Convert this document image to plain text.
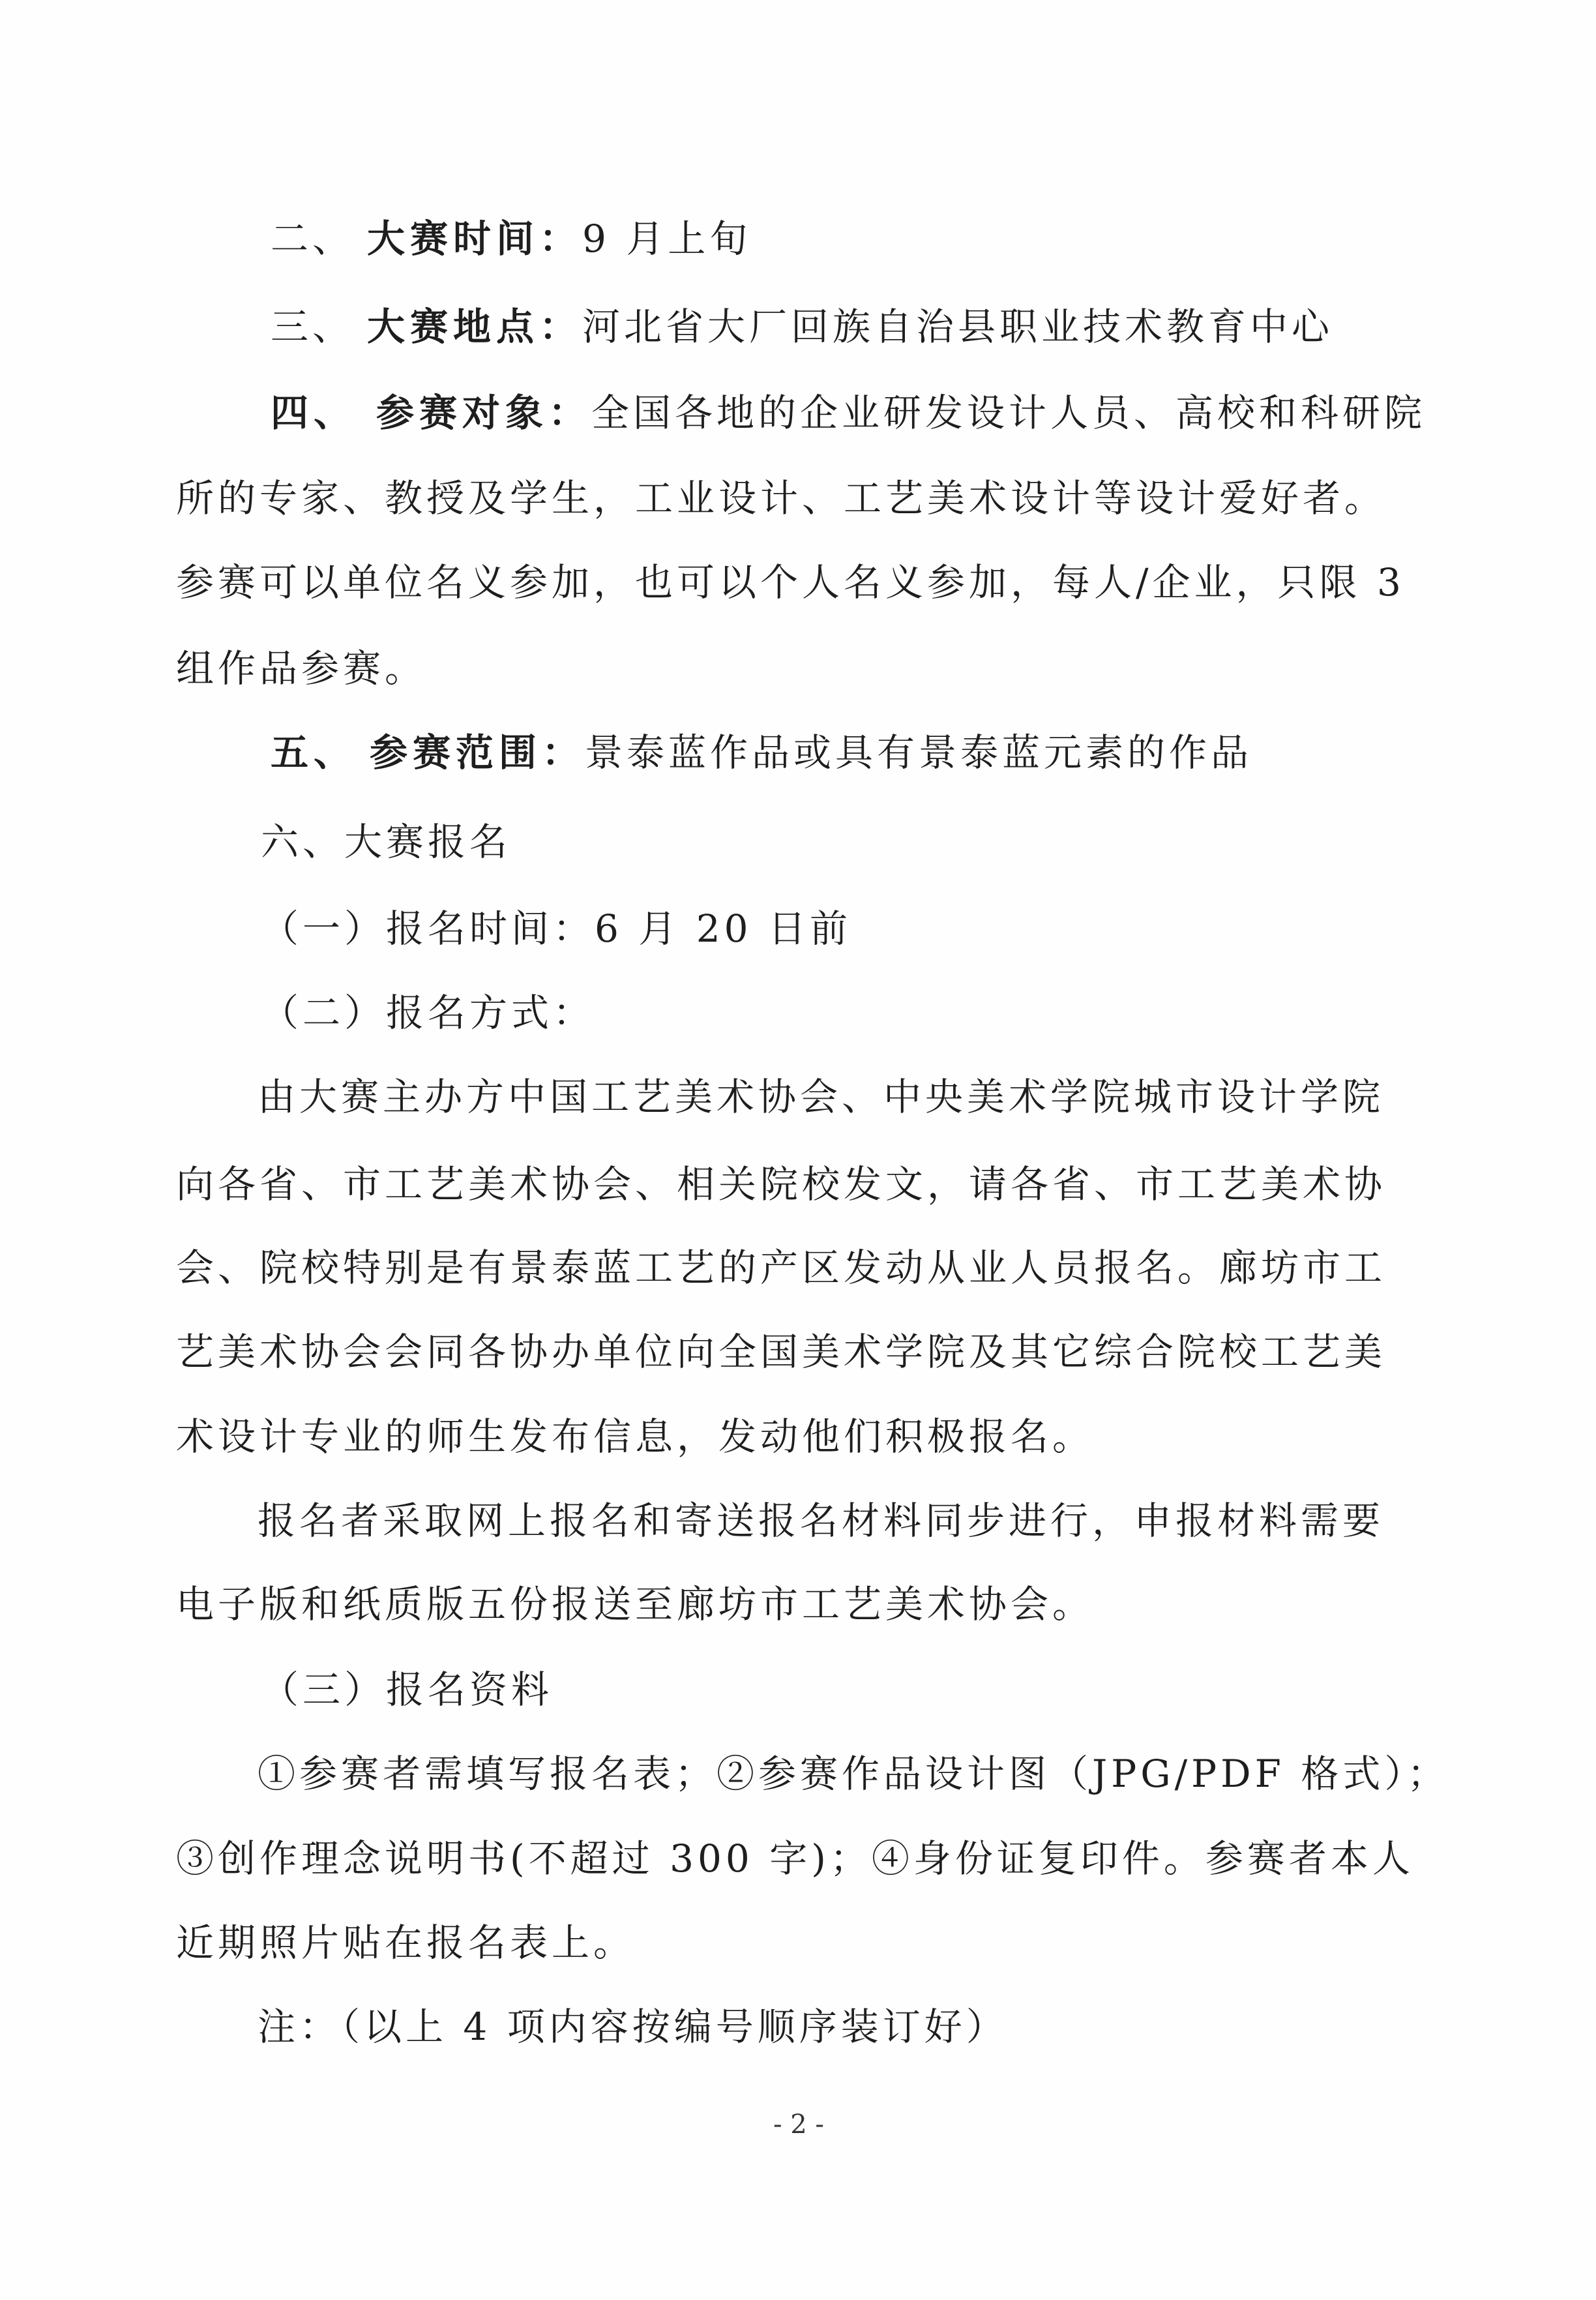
二、 大赛时间：9 月上旬
三、 大赛地点：河北省大厂回族自治县职业技术教育中心
四、 参赛对象：全国各地的企业研发设计人员、高校和科研院
所的专家、教授及学生，工业设计、工艺美术设计等设计爱好者。
参赛可以单位名义参加，也可以个人名义参加，每人/企业，只限 3
组作品参赛。
五、 参赛范围：景泰蓝作品或具有景泰蓝元素的作品
六、大赛报名
（一）报名时间：6 月 20 日前
（二）报名方式：
由大赛主办方中国工艺美术协会、中央美术学院城市设计学院
向各省、市工艺美术协会、相关院校发文，请各省、市工艺美术协
会、院校特别是有景泰蓝工艺的产区发动从业人员报名。廊坊市工
艺美术协会会同各协办单位向全国美术学院及其它综合院校工艺美
术设计专业的师生发布信息，发动他们积极报名。
报名者采取网上报名和寄送报名材料同步进行，申报材料需要
电子版和纸质版五份报送至廊坊市工艺美术协会。
（三）报名资料
①参赛者需填写报名表；②参赛作品设计图（JPG/PDF 格式）；
③创作理念说明书(不超过 300 字)；④身份证复印件。参赛者本人
近期照片贴在报名表上。
注：（以上 4 项内容按编号顺序装订好）
- 2 -
